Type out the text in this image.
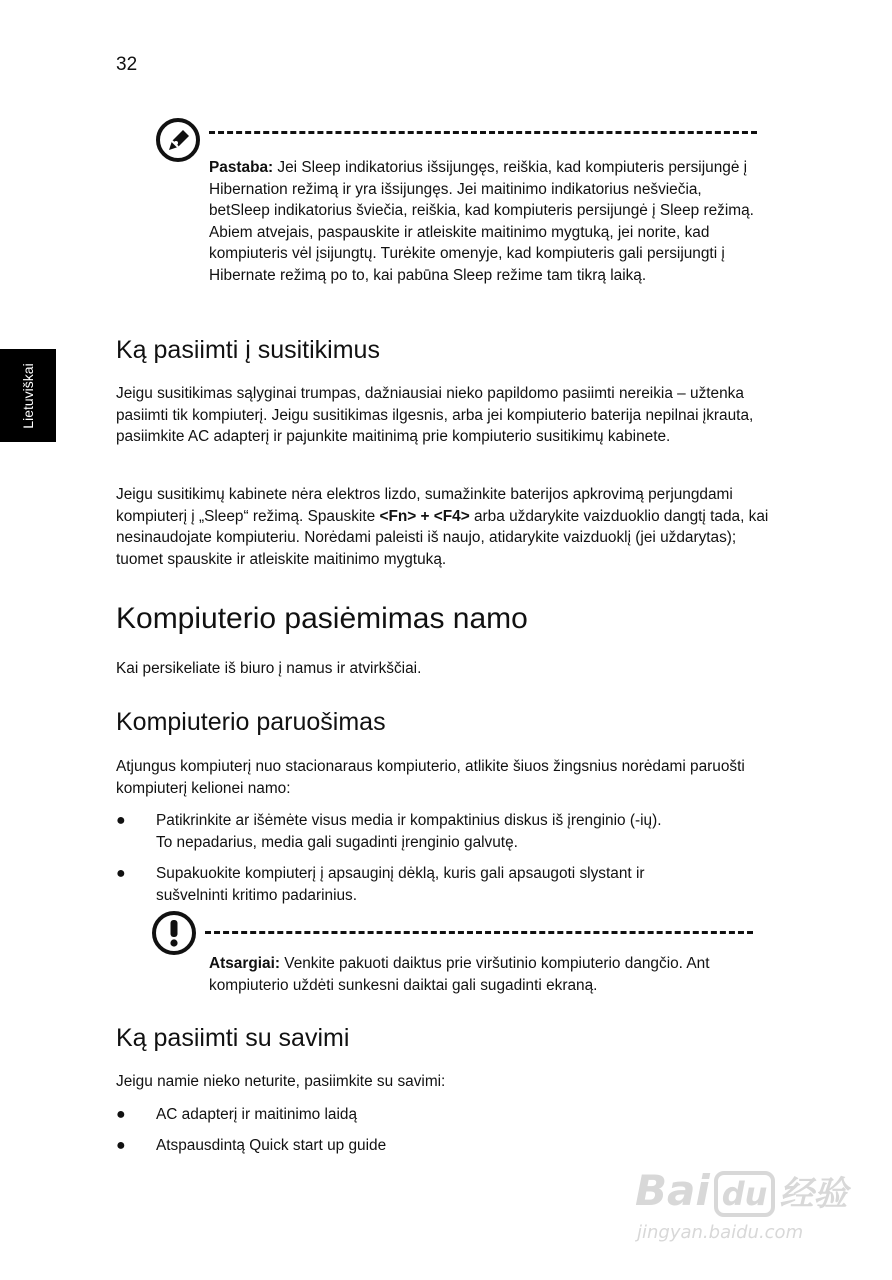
32
Lietuviškai

Pastaba: Jei Sleep indikatorius išsijungęs, reiškia, kad kompiuteris persijungė į Hibernation režimą ir yra išsijungęs. Jei maitinimo indikatorius nešviečia, betSleep indikatorius šviečia, reiškia, kad kompiuteris persijungė į Sleep režimą. Abiem atvejais, paspauskite ir atleiskite maitinimo mygtuką, jei norite, kad kompiuteris vėl įsijungtų. Turėkite omenyje, kad kompiuteris gali persijungti į Hibernate režimą po to, kai pabūna Sleep režime tam tikrą laiką.

Ką pasiimti į susitikimus

Jeigu susitikimas sąlyginai trumpas, dažniausiai nieko papildomo pasiimti nereikia – užtenka pasiimti tik kompiuterį. Jeigu susitikimas ilgesnis, arba jei kompiuterio baterija nepilnai įkrauta, pasiimkite AC adapterį ir pajunkite maitinimą prie kompiuterio susitikimų kabinete.

Jeigu susitikimų kabinete nėra elektros lizdo, sumažinkite baterijos apkrovimą perjungdami kompiuterį į „Sleep“ režimą. Spauskite <Fn> + <F4> arba uždarykite vaizduoklio dangtį tada, kai nesinaudojate kompiuteriu. Norėdami paleisti iš naujo, atidarykite vaizduoklį (jei uždarytas); tuomet spauskite ir atleiskite maitinimo mygtuką.

Kompiuterio pasiėmimas namo

Kai persikeliate iš biuro į namus ir atvirkščiai.

Kompiuterio paruošimas

Atjungus kompiuterį nuo stacionaraus kompiuterio, atlikite šiuos žingsnius norėdami paruošti kompiuterį kelionei namo:

● Patikrinkite ar išėmėte visus media ir kompaktinius diskus iš įrenginio (-ių).
To nepadarius, media gali sugadinti įrenginio galvutę.
● Supakuokite kompiuterį į apsauginį dėklą, kuris gali apsaugoti slystant ir
sušvelninti kritimo padarinius.

Atsargiai: Venkite pakuoti daiktus prie viršutinio kompiuterio dangčio. Ant kompiuterio uždėti sunkesni daiktai gali sugadinti ekraną.

Ką pasiimti su savimi

Jeigu namie nieko neturite, pasiimkite su savimi:

● AC adapterį ir maitinimo laidą
● Atspausdintą Quick start up guide
Bai du 经验
jingyan.baidu.com
